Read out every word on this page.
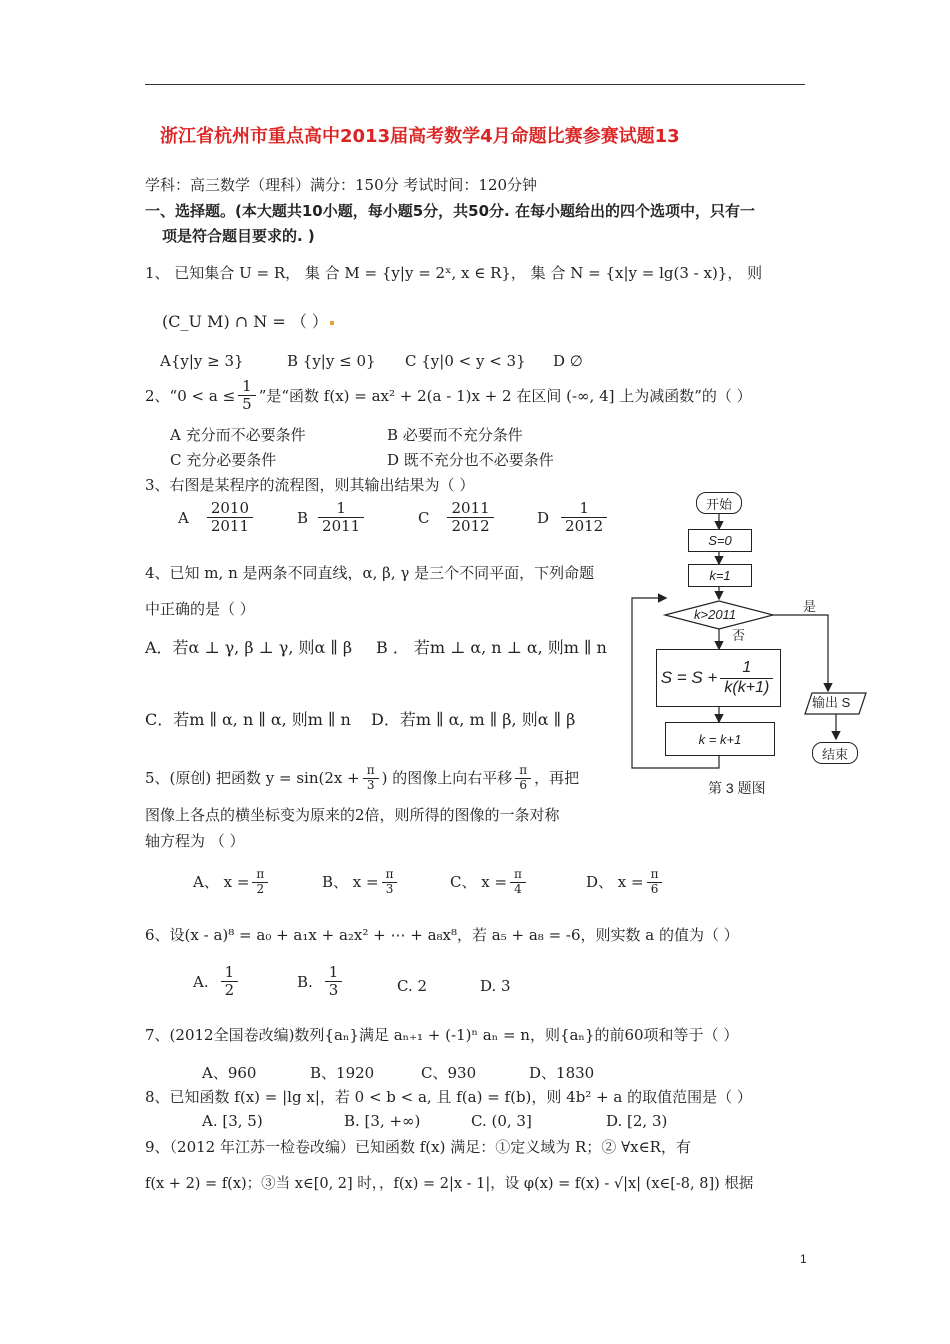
浙江省杭州市重点高中2013届高考数学4月命题比赛参赛试题13
学科：高三数学（理科）满分：150分 考试时间：120分钟
一、选择题。(本大题共10小题，每小题5分，共50分. 在每小题给出的四个选项中，只有一
项是符合题目要求的. )
1、 已知集合 U = R， 集 合 M = {y|y = 2ˣ, x ∈ R}， 集 合 N = {x|y = lg(3 - x)}， 则
(C_U M) ∩ N = （ ）
A{y|y ≥ 3}	B {y|y ≤ 0} C {y|0 < y < 3} D ∅
2、“$0 < a \le \frac{1}{5}$ ”是“函数 f(x) = ax² + 2(a - 1)x + 2 在区间 (-∞, 4] 上为减函数”的（ ）
A 充分而不必要条件	B 必要而不充分条件
C 充分必要条件	D 既不充分也不必要条件
3、右图是某程序的流程图，则其输出结果为（ ）
A $\frac{2010}{2011}$	B $\frac{1}{2011}$	C $\frac{2011}{2012}$	D $\frac{1}{2012}$
4、已知 m, n 是两条不同直线，α, β, γ 是三个不同平面，下列命题
中正确的是（ ）
A．若α ⊥ γ, β ⊥ γ, 则α ∥ β B ． 若m ⊥ α, n ⊥ α, 则m ∥ n
C．若m ∥ α, n ∥ α, 则m ∥ n D．若m ∥ α, m ∥ β, 则α ∥ β
5、(原创) 把函数 $y = \sin(2x + \frac{\pi}{3}$ ) 的图像上向右平移 $\frac{\pi}{6}$ ，再把
图像上各点的横坐标变为原来的2倍，则所得的图像的一条对称
轴方程为 （ ）
A、 $x = \frac{\pi}{2}$	B、 $x = \frac{\pi}{3}$	C、 $x = \frac{\pi}{4}$	D、 $x = \frac{\pi}{6}$
6、设(x - a)⁸ = a₀ + a₁x + a₂x² + ⋯ + a₈x⁸，若 a₅ + a₈ = -6，则实数 a 的值为（ ）
A. $\frac{1}{2}$	B. $\frac{1}{3}$	C. 2	D. 3
7、(2012全国卷改编)数列{aₙ}满足 aₙ₊₁ + (-1)ⁿ aₙ = n，则{aₙ}的前60项和等于（ ）
A、960	B、1920	C、930	D、1830
8、已知函数 f(x) = |lg x|，若 0 < b < a, 且 f(a) = f(b)，则 4b² + a 的取值范围是（ ）
A. [3, 5)	B. [3, +∞)	C. (0, 3]	D. [2, 3)
9、（2012 年江苏一检卷改编）已知函数 f(x) 满足：①定义域为 R；② ∀x∈R，有
f(x + 2) = f(x)；③当 x∈[0, 2] 时，，f(x) = 2|x - 1|，设 φ(x) = f(x) - √|x| (x∈[-8, 8]) 根据
开始
S=0
k=1
k>2011
是
否
$S = S + \frac{1}{k(k+1)}$
输出 S
k = k+1
结束
第 3 题图
1
